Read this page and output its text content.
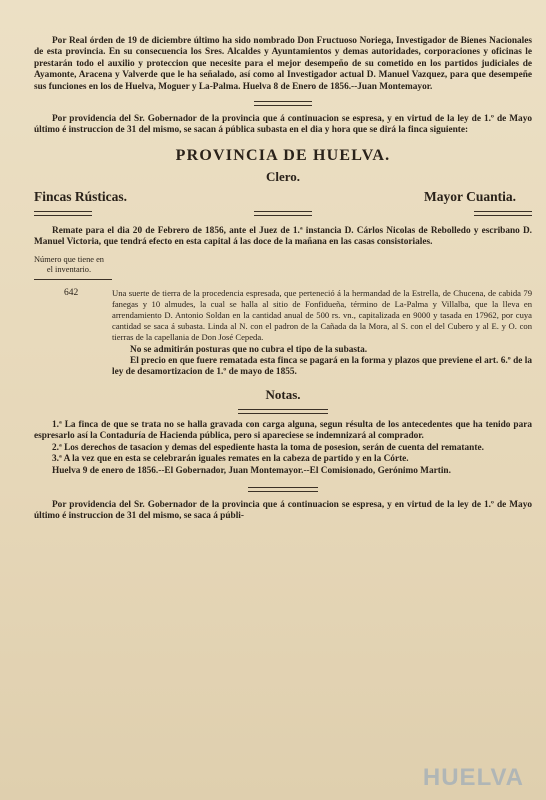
Por Real órden de 19 de diciembre último ha sido nombrado Don Fructuoso Noriega, Investigador de Bienes Nacionales de esta provincia. En su consecuencia los Sres. Alcaldes y Ayuntamientos y demas autoridades, corporaciones y oficinas le prestarán todo el auxilio y proteccion que necesite para el mejor desempeño de su cometido en los partidos judiciales de Ayamonte, Aracena y Valverde que le ha señalado, así como al Investigador actual D. Manuel Vazquez, para que desempeñe sus funciones en los de Huelva, Moguer y La-Palma. Huelva 8 de Enero de 1856.--Juan Montemayor.

Por providencia del Sr. Gobernador de la provincia que á continuacion se espresa, y en virtud de la ley de 1.º de Mayo último é instruccion de 31 del mismo, se sacan á pública subasta en el dia y hora que se dirá la finca siguiente:

PROVINCIA DE HUELVA.
Clero.
Fincas Rústicas.	Mayor Cuantia.

Remate para el dia 20 de Febrero de 1856, ante el Juez de 1.ª instancia D. Cárlos Nicolas de Rebolledo y escribano D. Manuel Victoria, que tendrá efecto en esta capital á las doce de la mañana en las casas consistoriales.

Número que tiene en el inventario.
642	Una suerte de tierra de la procedencia espresada, que perteneció á la hermandad de la Estrella, de Chucena, de cabida 79 fanegas y 10 almudes, la cual se halla al sitio de Fonfidueña, término de La-Palma y Villalba, que la lleva en arrendamiento D. Antonio Soldan en la cantidad anual de 500 rs. vn., capitalizada en 9000 y tasada en 17962, por cuya cantidad se saca á subasta. Linda al N. con el padron de la Cañada da la Mora, al S. con el del Cubero y al E. y O. con tierras de la capellania de Don José Cepeda.

No se admitirán posturas que no cubra el tipo de la subasta.

El precio en que fuere rematada esta finca se pagará en la forma y plazos que previene el art. 6.º de la ley de desamortizacion de 1.º de mayo de 1855.

Notas.

1.ª La finca de que se trata no se halla gravada con carga alguna, segun résulta de los antecedentes que ha tenido para espresarlo así la Contaduría de Hacienda pública, pero si apareciese se indemnizará al comprador.

2.ª Los derechos de tasacion y demas del espediente hasta la toma de posesion, serán de cuenta del rematante.

3.ª A la vez que en esta se celebrarán iguales remates en la cabeza de partido y en la Córte.

Huelva 9 de enero de 1856.--El Gobernador, Juan Montemayor.--El Comisionado, Gerónimo Martin.

Por providencia del Sr. Gobernador de la provincia que á continuacion se espresa, y en virtud de la ley de 1.º de Mayo último é instruccion de 31 del mismo, se saca á públi-

HUELVA
